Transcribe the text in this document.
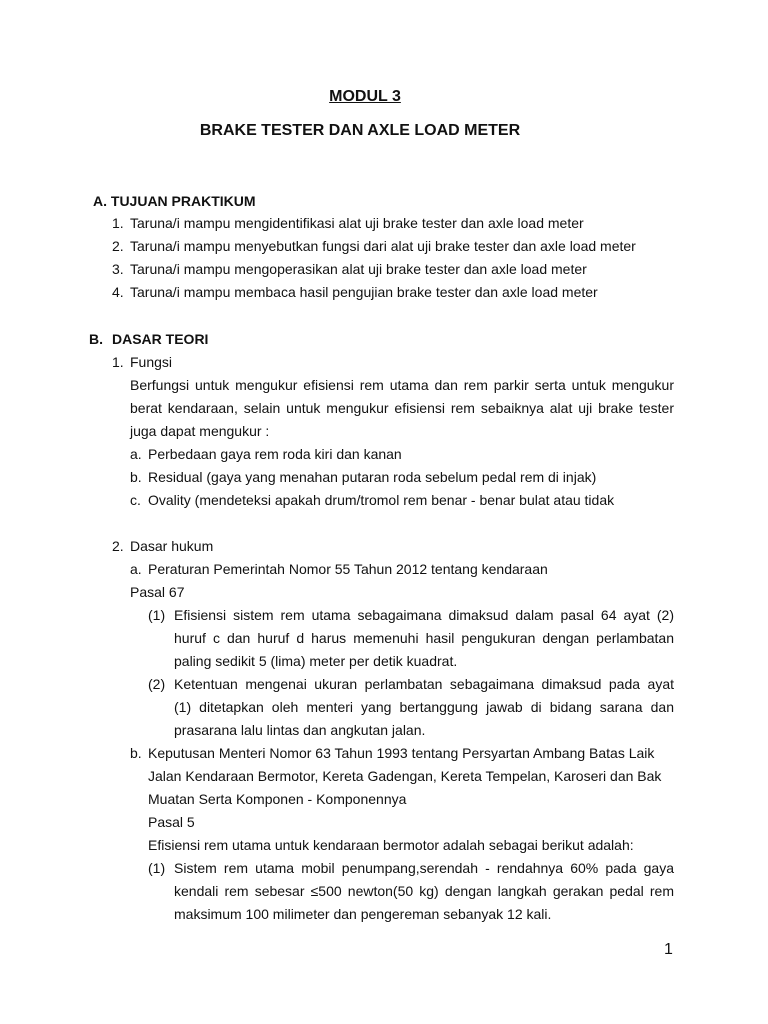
MODUL 3
BRAKE TESTER DAN AXLE LOAD METER
A. TUJUAN PRAKTIKUM
1. Taruna/i mampu mengidentifikasi alat uji brake tester dan axle load meter
2. Taruna/i mampu menyebutkan fungsi dari alat uji brake tester dan axle load meter
3. Taruna/i mampu mengoperasikan alat uji brake tester dan axle load meter
4. Taruna/i mampu membaca hasil pengujian brake tester dan axle load meter
B. DASAR TEORI
1. Fungsi
Berfungsi untuk mengukur efisiensi rem utama dan rem parkir serta untuk mengukur
berat kendaraan, selain untuk mengukur efisiensi rem sebaiknya alat uji brake tester
juga dapat mengukur :
a. Perbedaan gaya rem roda kiri dan kanan
b. Residual (gaya yang menahan putaran roda sebelum pedal rem di injak)
c. Ovality (mendeteksi apakah drum/tromol rem benar - benar bulat atau tidak
2. Dasar hukum
a. Peraturan Pemerintah Nomor 55 Tahun 2012 tentang kendaraan
Pasal 67
(1) Efisiensi sistem rem utama sebagaimana dimaksud dalam pasal 64 ayat (2)
huruf c dan huruf d harus memenuhi hasil pengukuran dengan perlambatan
paling sedikit 5 (lima) meter per detik kuadrat.
(2) Ketentuan mengenai ukuran perlambatan sebagaimana dimaksud pada ayat
(1) ditetapkan oleh menteri yang bertanggung jawab di bidang sarana dan
prasarana lalu lintas dan angkutan jalan.
b. Keputusan Menteri Nomor 63 Tahun 1993 tentang Persyartan Ambang Batas Laik
Jalan Kendaraan Bermotor, Kereta Gadengan, Kereta Tempelan, Karoseri dan Bak
Muatan Serta Komponen - Komponennya
Pasal 5
Efisiensi rem utama untuk kendaraan bermotor adalah sebagai berikut adalah:
(1) Sistem rem utama mobil penumpang,serendah - rendahnya 60% pada gaya
kendali rem sebesar ≤500 newton(50 kg) dengan langkah gerakan pedal rem
maksimum 100 milimeter dan pengereman sebanyak 12 kali.
1
